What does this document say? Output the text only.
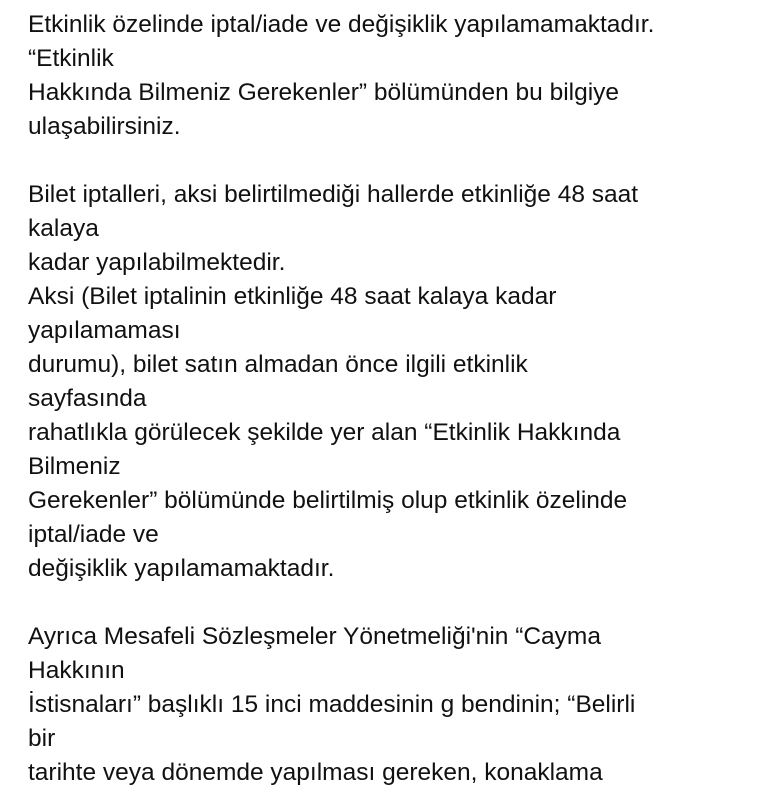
Etkinlik özelinde iptal/iade ve değişiklik yapılamamaktadır.
“Etkinlik
Hakkında Bilmeniz Gerekenler” bölümünden bu bilgiye
ulaşabilirsiniz.
Bilet iptalleri, aksi belirtilmediği hallerde etkinliğe 48 saat
kalaya
kadar yapılabilmektedir.
Aksi (Bilet iptalinin etkinliğe 48 saat kalaya kadar
yapılamaması
durumu), bilet satın almadan önce ilgili etkinlik
sayfasında
rahatlıkla görülecek şekilde yer alan “Etkinlik Hakkında
Bilmeniz
Gerekenler” bölümünde belirtilmiş olup etkinlik özelinde
iptal/iade ve
değişiklik yapılamamaktadır.
Ayrıca Mesafeli Sözleşmeler Yönetmeliği'nin “Cayma
Hakkının
İstisnaları” başlıklı 15 inci maddesinin g bendinin; “Belirli
bir
tarihte veya dönemde yapılması gereken, konaklama
